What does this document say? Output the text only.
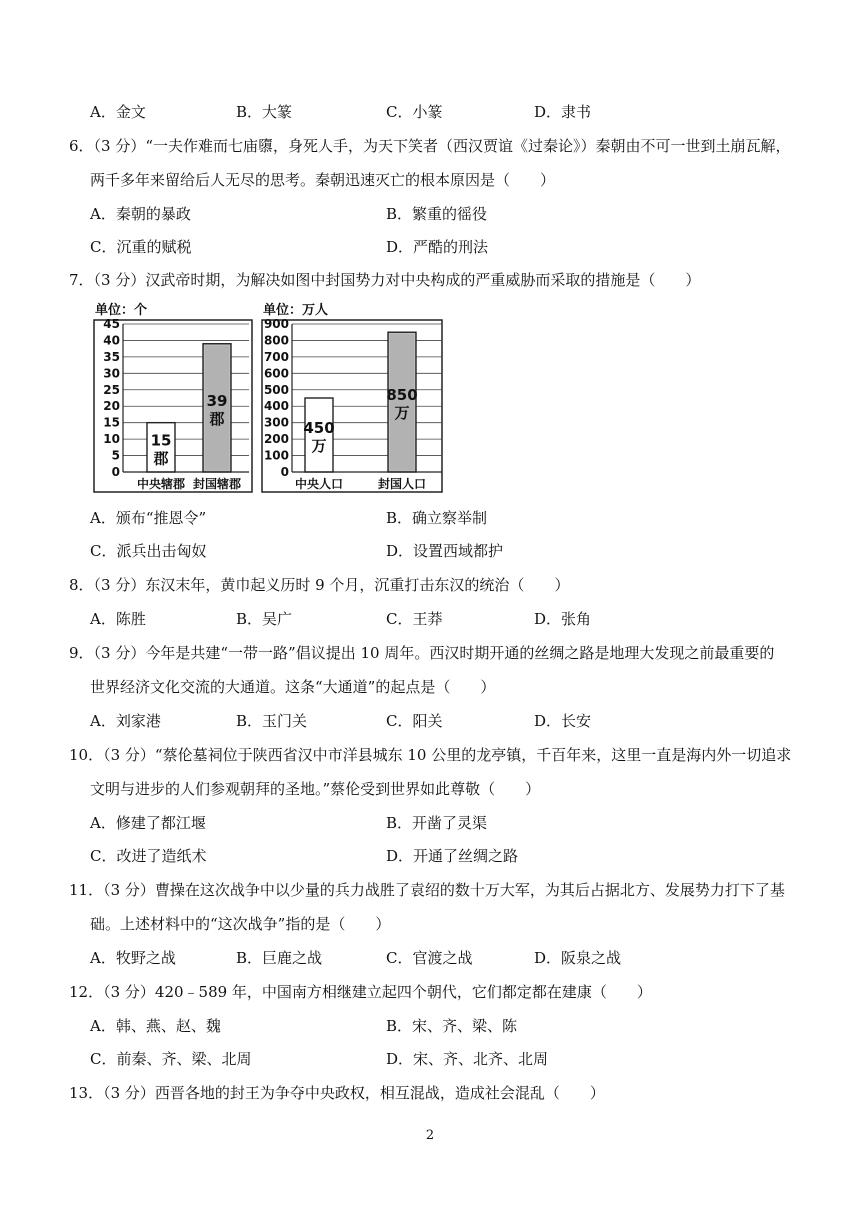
A．金文	B．大篆	C．小篆	D．隶书
6．（3 分）“一夫作难而七庙隳，身死人手，为天下笑者（西汉贾谊《过秦论》）秦朝由不可一世到土崩瓦解，
两千多年来留给后人无尽的思考。秦朝迅速灭亡的根本原因是（　　）
A．秦朝的暴政	B．繁重的徭役
C．沉重的赋税	D．严酷的刑法
7．（3 分）汉武帝时期，为解决如图中封国势力对中央构成的严重威胁而采取的措施是（　　）
单位：个
0
5
10
15
20
25
30
35
40
45
15
郡
中央辖郡
39
郡
封国辖郡
单位：万人
0
100
200
300
400
500
600
700
800
900
450
万
中央人口
850
万
封国人口
A．颁布“推恩令”	B．确立察举制
C．派兵出击匈奴	D．设置西域都护
8．（3 分）东汉末年，黄巾起义历时 9 个月，沉重打击东汉的统治（　　）
A．陈胜	B．吴广	C．王莽	D．张角
9．（3 分）今年是共建“一带一路”倡议提出 10 周年。西汉时期开通的丝绸之路是地理大发现之前最重要的
世界经济文化交流的大通道。这条“大通道”的起点是（　　）
A．刘家港	B．玉门关	C．阳关	D．长安
10．（3 分）“蔡伦墓祠位于陕西省汉中市洋县城东 10 公里的龙亭镇，千百年来，这里一直是海内外一切追求
文明与进步的人们参观朝拜的圣地。”蔡伦受到世界如此尊敬（　　）
A．修建了都江堰	B．开凿了灵渠
C．改进了造纸术	D．开通了丝绸之路
11．（3 分）曹操在这次战争中以少量的兵力战胜了袁绍的数十万大军，为其后占据北方、发展势力打下了基
础。上述材料中的“这次战争”指的是（　　）
A．牧野之战	B．巨鹿之战	C．官渡之战	D．阪泉之战
12．（3 分）420﹣589 年，中国南方相继建立起四个朝代，它们都定都在建康（　　）
A．韩、燕、赵、魏	B．宋、齐、梁、陈
C．前秦、齐、梁、北周	D．宋、齐、北齐、北周
13．（3 分）西晋各地的封王为争夺中央政权，相互混战，造成社会混乱（　　）
2
